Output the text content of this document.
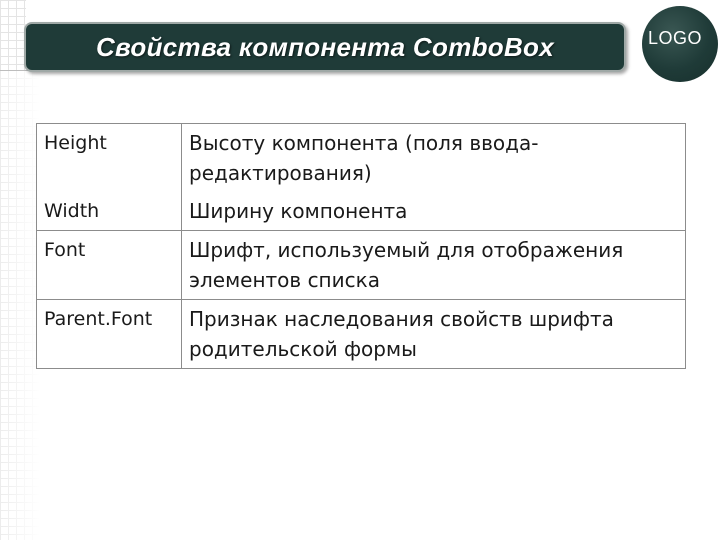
Свойства компонента ComboBox	LOGO
Height	Высоту компонента (поля ввода-редактирования)
Width	Ширину компонента
Font	Шрифт, используемый для отображения элементов списка
Parent.Font	Признак наследования свойств шрифта родительской формы
